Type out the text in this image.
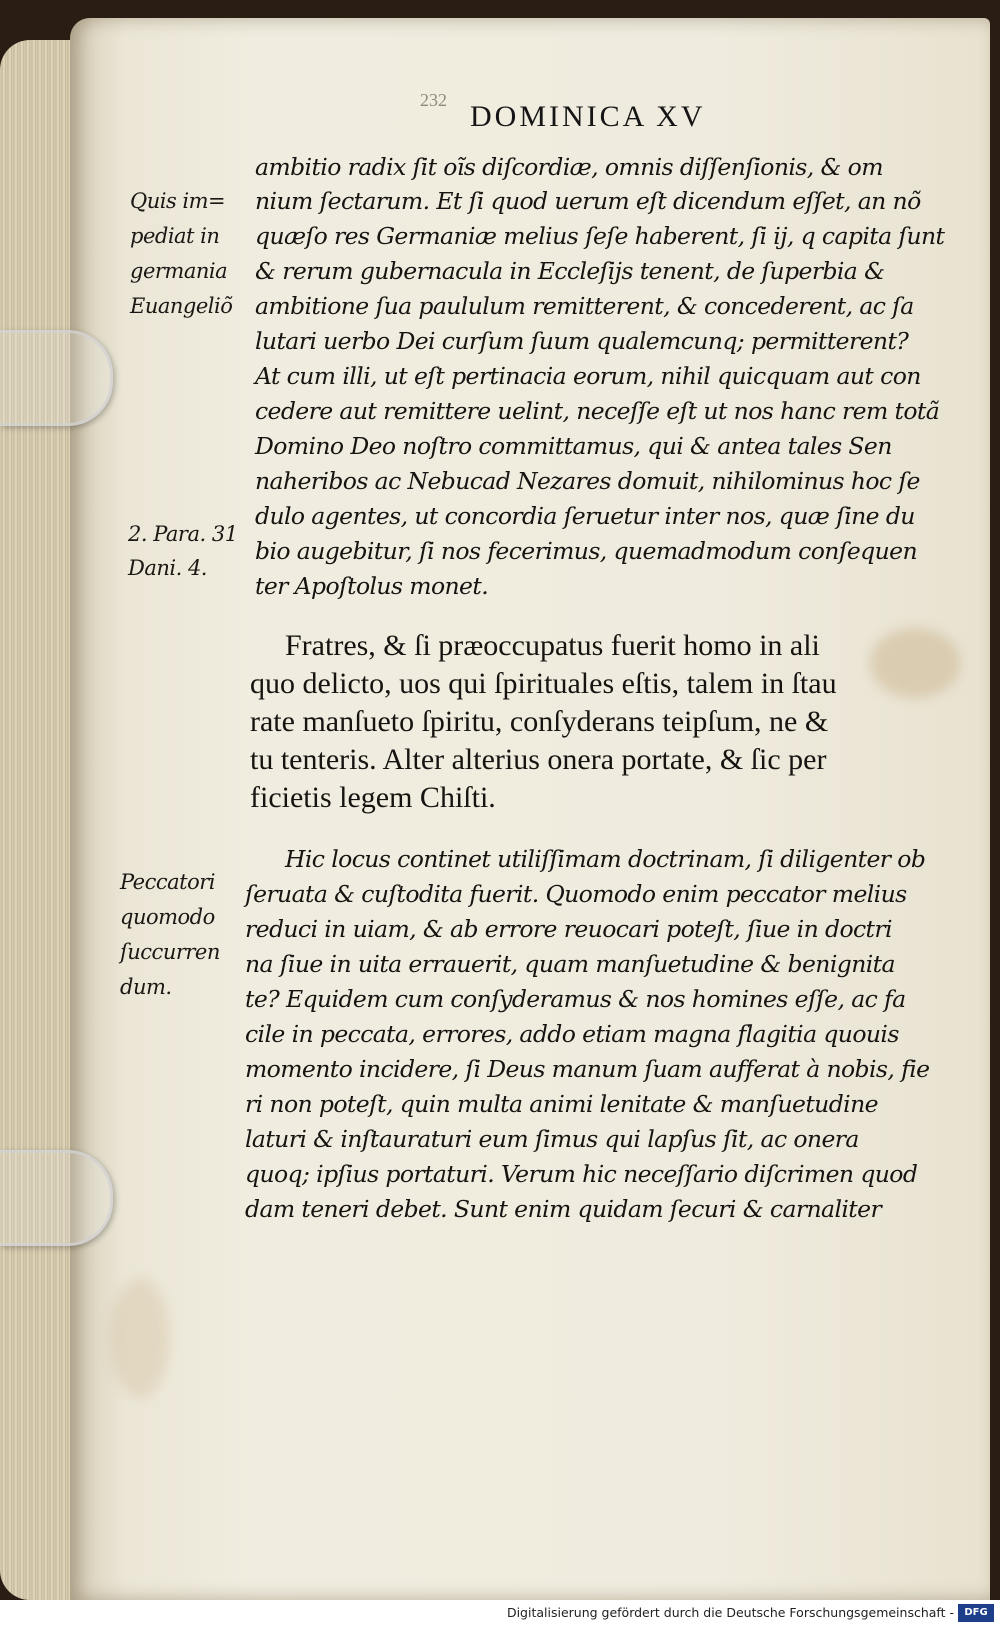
232 DOMINICA XV
ambitio radix ſit oĩs diſcordiæ, omnis diſſenſionis, & om
nium ſectarum. Et ſi quod uerum eſt dicendum eſſet, an nõ
quæſo res Germaniæ melius ſeſe haberent, ſi ij, q capita ſunt
& rerum gubernacula in Eccleſijs tenent, de ſuperbia &
ambitione ſua paululum remitterent, & concederent, ac ſa
lutari uerbo Dei curſum ſuum qualemcunq; permitterent?
At cum illi, ut eſt pertinacia eorum, nihil quicquam aut con
cedere aut remittere uelint, neceſſe eſt ut nos hanc rem totã
Domino Deo noſtro committamus, qui & antea tales Sen
naheribos ac Nebucad Nezares domuit, nihilominus hoc ſe
dulo agentes, ut concordia ſeruetur inter nos, quæ ſine du
bio augebitur, ſi nos fecerimus, quemadmodum conſequen
ter Apoſtolus monet.
Fratres, & ſi præoccupatus fuerit homo in ali
quo delicto, uos qui ſpirituales eſtis, talem in ſtau
rate manſueto ſpiritu, conſyderans teipſum, ne &
tu tenteris. Alter alterius onera portate, & ſic per
ficietis legem Chiſti.
Hic locus continet utiliſſimam doctrinam, ſi diligenter ob
ſeruata & cuſtodita fuerit. Quomodo enim peccator melius
reduci in uiam, & ab errore reuocari poteſt, ſiue in doctri
na ſiue in uita errauerit, quam manſuetudine & benignita
te? Equidem cum conſyderamus & nos homines eſſe, ac fa
cile in peccata, errores, addo etiam magna flagitia quouis
momento incidere, ſi Deus manum ſuam aufferat à nobis, fie
ri non poteſt, quin multa animi lenitate & manſuetudine
laturi & inſtauraturi eum ſimus qui lapſus ſit, ac onera
quoq; ipſius portaturi. Verum hic neceſſario diſcrimen quod
dam teneri debet. Sunt enim quidam ſecuri & carnaliter
Quis im=
pediat in
germania
Euangeliõ
2. Para. 31
Dani. 4.
Peccatori
quomodo
ſuccurren
dum.
Digitalisierung gefördert durch die Deutsche Forschungsgemeinschaft -	DFG
